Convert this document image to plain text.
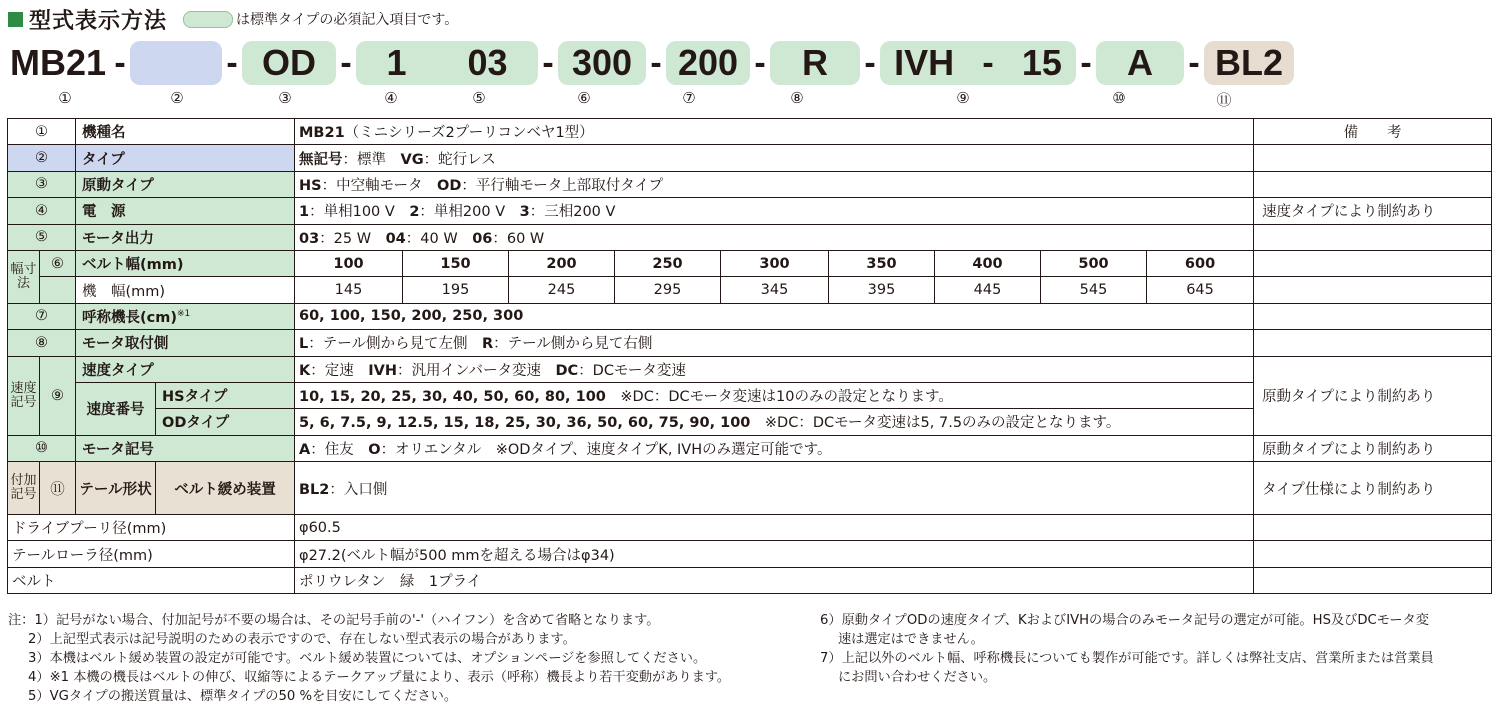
型式表示方法	は標準タイプの必須記入項目です。
MB21 -	- OD - 1 03 - 300 - 200 -	R	- IVH - 15 - A	- BL2
①	②	③	④	⑤	⑥	⑦	⑧	⑨	⑩	⑪
①		機種名		MB21（ミニシリーズ2プーリコンベヤ1型）									備　　考
②		タイプ		無記号：標準　VG：蛇行レス									
③		原動タイプ		HS：中空軸モータ　OD：平行軸モータ上部取付タイプ									
④		電　源		1：単相100 V　2：単相200 V　3：三相200 V									速度タイプにより制約あり
⑤		モータ出力		03：25 W　04：40 W　06：60 W									
幅寸法	⑥	ベルト幅(mm)		100	150	200	250	300	350	400	500	600	
		機　幅(mm)		145	195	245	295	345	395	445	545	645	
⑦		呼称機長(cm)$^{※1}$		60, 100, 150, 200, 250, 300									
⑧		モータ取付側		L：テール側から見て左側　R：テール側から見て右側									
速度記号	⑨	速度タイプ		K：定速　IVH：汎用インバータ変速　DC：DCモータ変速									原動タイプにより制約あり
		速度番号	HSタイプ	10, 15, 20, 25, 30, 40, 50, 60, 80, 100　 ※DC：DCモータ変速は10のみの設定となります。									
			ODタイプ	5, 6, 7.5, 9, 12.5, 15, 18, 25, 30, 36, 50, 60, 75, 90, 100　 ※DC：DCモータ変速は5, 7.5のみの設定となります。									
⑩		モータ記号		A：住友　O：オリエンタル　※ODタイプ、速度タイプK, IVHのみ選定可能です。									原動タイプにより制約あり
付加記号	⑪	テール形状	ベルト緩め装置	BL2：入口側									タイプ仕様により制約あり
ドライブプーリ径(mm)				φ60.5									
テールローラ径(mm)				φ27.2(ベルト幅が500 mmを超える場合はφ34)									
ベルト				ポリウレタン　緑　1プライ									
注：1）記号がない場合、付加記号が不要の場合は、その記号手前の'-'（ハイフン）を含めて省略となります。
2）上記型式表示は記号説明のための表示ですので、存在しない型式表示の場合があります。
3）本機はベルト緩め装置の設定が可能です。ベルト緩め装置については、オプションページを参照してください。
4）※1 本機の機長はベルトの伸び、収縮等によるテークアップ量により、表示（呼称）機長より若干変動があります。
5）VGタイプの搬送質量は、標準タイプの50 %を目安にしてください。
6）原動タイプODの速度タイプ、KおよびIVHの場合のみモータ記号の選定が可能。HS及びDCモータ変
速は選定はできません。
7）上記以外のベルト幅、呼称機長についても製作が可能です。詳しくは弊社支店、営業所または営業員
にお問い合わせください。
